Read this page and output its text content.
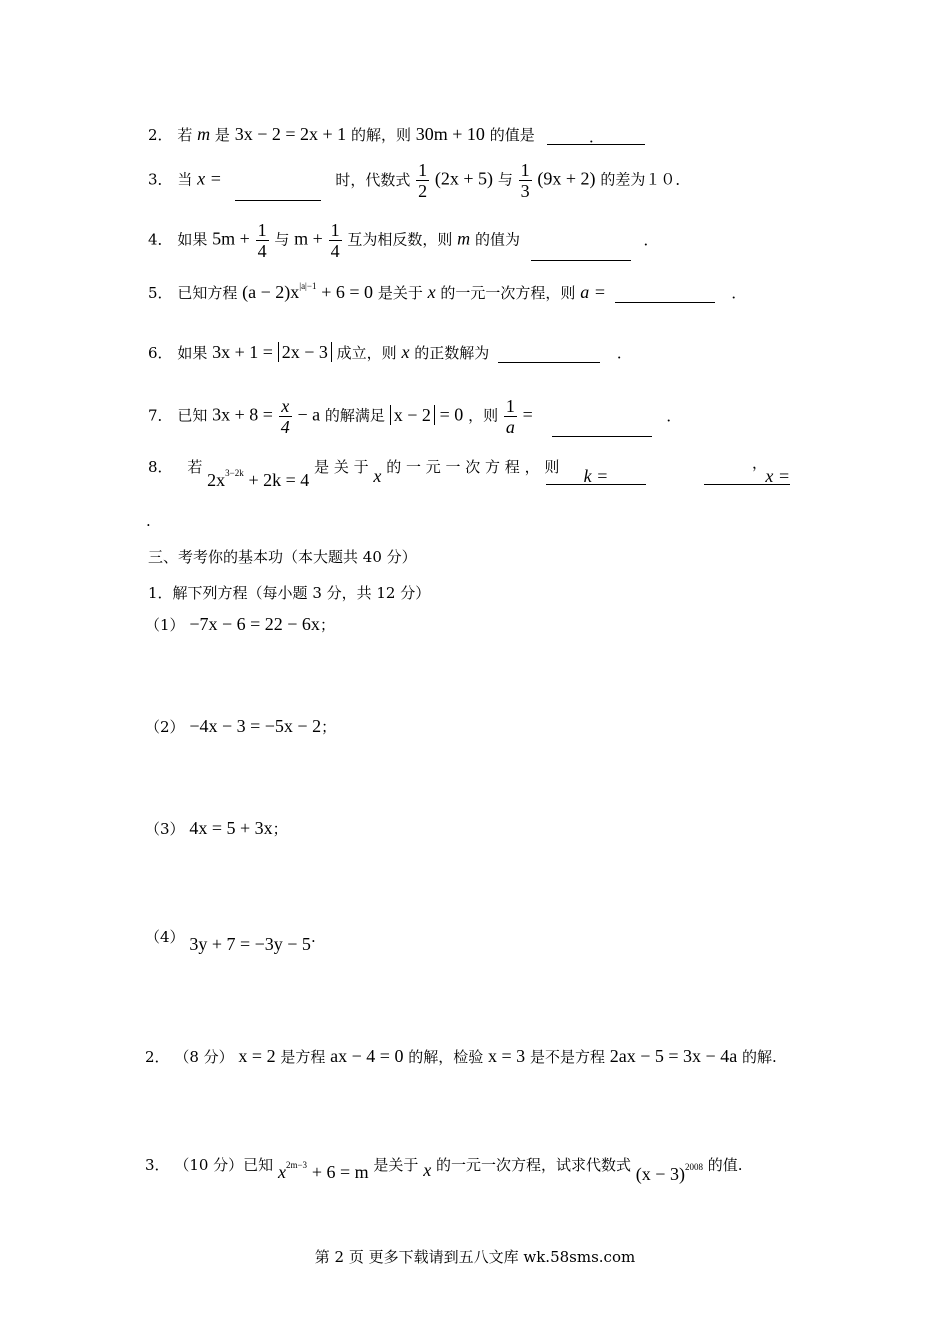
2． 若 m 是 3x − 2 = 2x + 1 的解，则 30m + 10 的值是	．
3． 当 x =	时，代数式 $\frac{1}{2} (2x + 5)$ 与 $\frac{1}{3} (9x + 2)$ 的差为１０．
4． 如果 $5m + \frac{1}{4}$ 与 $m + \frac{1}{4}$ 互为相反数，则 m 的值为	．
5． 已知方程 $(a - 2)x^{|a|-1} + 6 = 0$ 是关于 x 的一元一次方程，则 a =	．
6． 如果 3x + 1 = 2x − 3 成立，则 x 的正数解为	．
7． 已知 $3x + 8 = \frac{x}{4} - a$ 的解满足 x − 2 = 0 ，则 $\frac{1}{a}$ =	．
8． 若 $2x_{3-2k} + 2k = 4$ 是 关 于 x 的 一 元 一 次 方 程 ， 则	k =
，
x =
.
三、考考你的基本功（本大题共 40 分）
1．解下列方程（每小题 3 分，共 12 分）
（1） −7x − 6 = 22 − 6x；
（2） −4x − 3 = −5x − 2；
（3） 4x = 5 + 3x；
（4） 3y + 7 = −3y − 5.
2． （8 分） x = 2 是方程 ax − 4 = 0 的解，检验 x = 3 是不是方程 2ax − 5 = 3x − 4a 的解.
3． （10 分）已知 x2m−3 + 6 = m 是关于 x 的一元一次方程，试求代数式 (x − 3)2008 的值.
第 2 页 更多下载请到五八文库 wk.58sms.com
